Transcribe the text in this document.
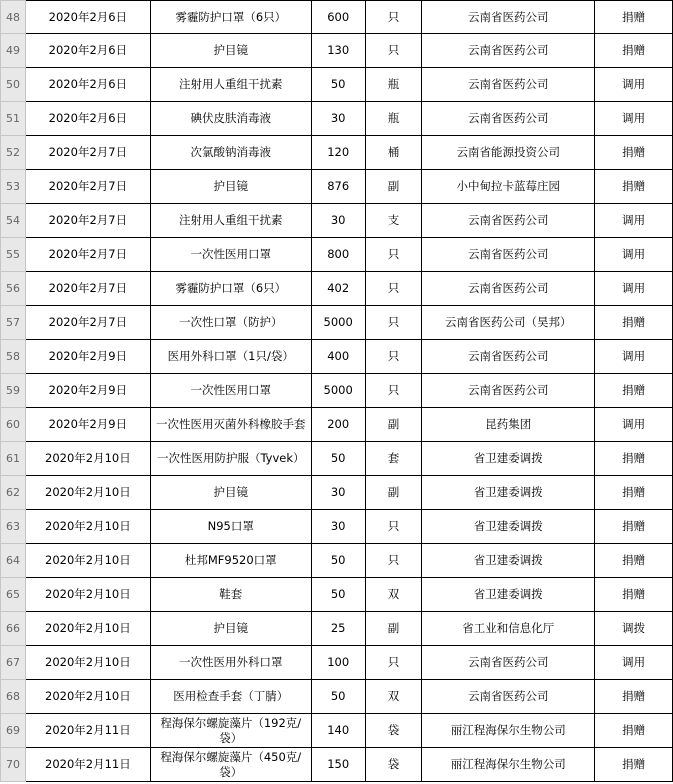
48	2020年2月6日	雾霾防护口罩（6只）	600	只	云南省医药公司	捐赠
49	2020年2月6日	护目镜	130	只	云南省医药公司	捐赠
50	2020年2月6日	注射用人重组干扰素	50	瓶	云南省医药公司	调用
51	2020年2月6日	碘伏皮肤消毒液	30	瓶	云南省医药公司	调用
52	2020年2月7日	次氯酸钠消毒液	120	桶	云南省能源投资公司	捐赠
53	2020年2月7日	护目镜	876	副	小中甸拉卡蓝莓庄园	捐赠
54	2020年2月7日	注射用人重组干扰素	30	支	云南省医药公司	调用
55	2020年2月7日	一次性医用口罩	800	只	云南省医药公司	调用
56	2020年2月7日	雾霾防护口罩（6只）	402	只	云南省医药公司	调用
57	2020年2月7日	一次性口罩（防护）	5000	只	云南省医药公司（昊邦）	捐赠
58	2020年2月9日	医用外科口罩（1只/袋）	400	只	云南省医药公司	调用
59	2020年2月9日	一次性医用口罩	5000	只	云南省医药公司	捐赠
60	2020年2月9日	一次性医用灭菌外科橡胶手套	200	副	昆药集团	调用
61	2020年2月10日	一次性医用防护服（Tyvek）	50	套	省卫建委调拨	捐赠
62	2020年2月10日	护目镜	30	副	省卫建委调拨	捐赠
63	2020年2月10日	N95口罩	30	只	省卫建委调拨	捐赠
64	2020年2月10日	杜邦MF9520口罩	50	只	省卫建委调拨	捐赠
65	2020年2月10日	鞋套	50	双	省卫建委调拨	捐赠
66	2020年2月10日	护目镜	25	副	省工业和信息化厅	调拨
67	2020年2月10日	一次性医用外科口罩	100	只	云南省医药公司	调用
68	2020年2月10日	医用检查手套（丁腈）	50	双	云南省医药公司	捐赠
69	2020年2月11日	程海保尔螺旋藻片（192克/袋）	140	袋	丽江程海保尔生物公司	捐赠
70	2020年2月11日	程海保尔螺旋藻片（450克/袋）	150	袋	丽江程海保尔生物公司	捐赠
